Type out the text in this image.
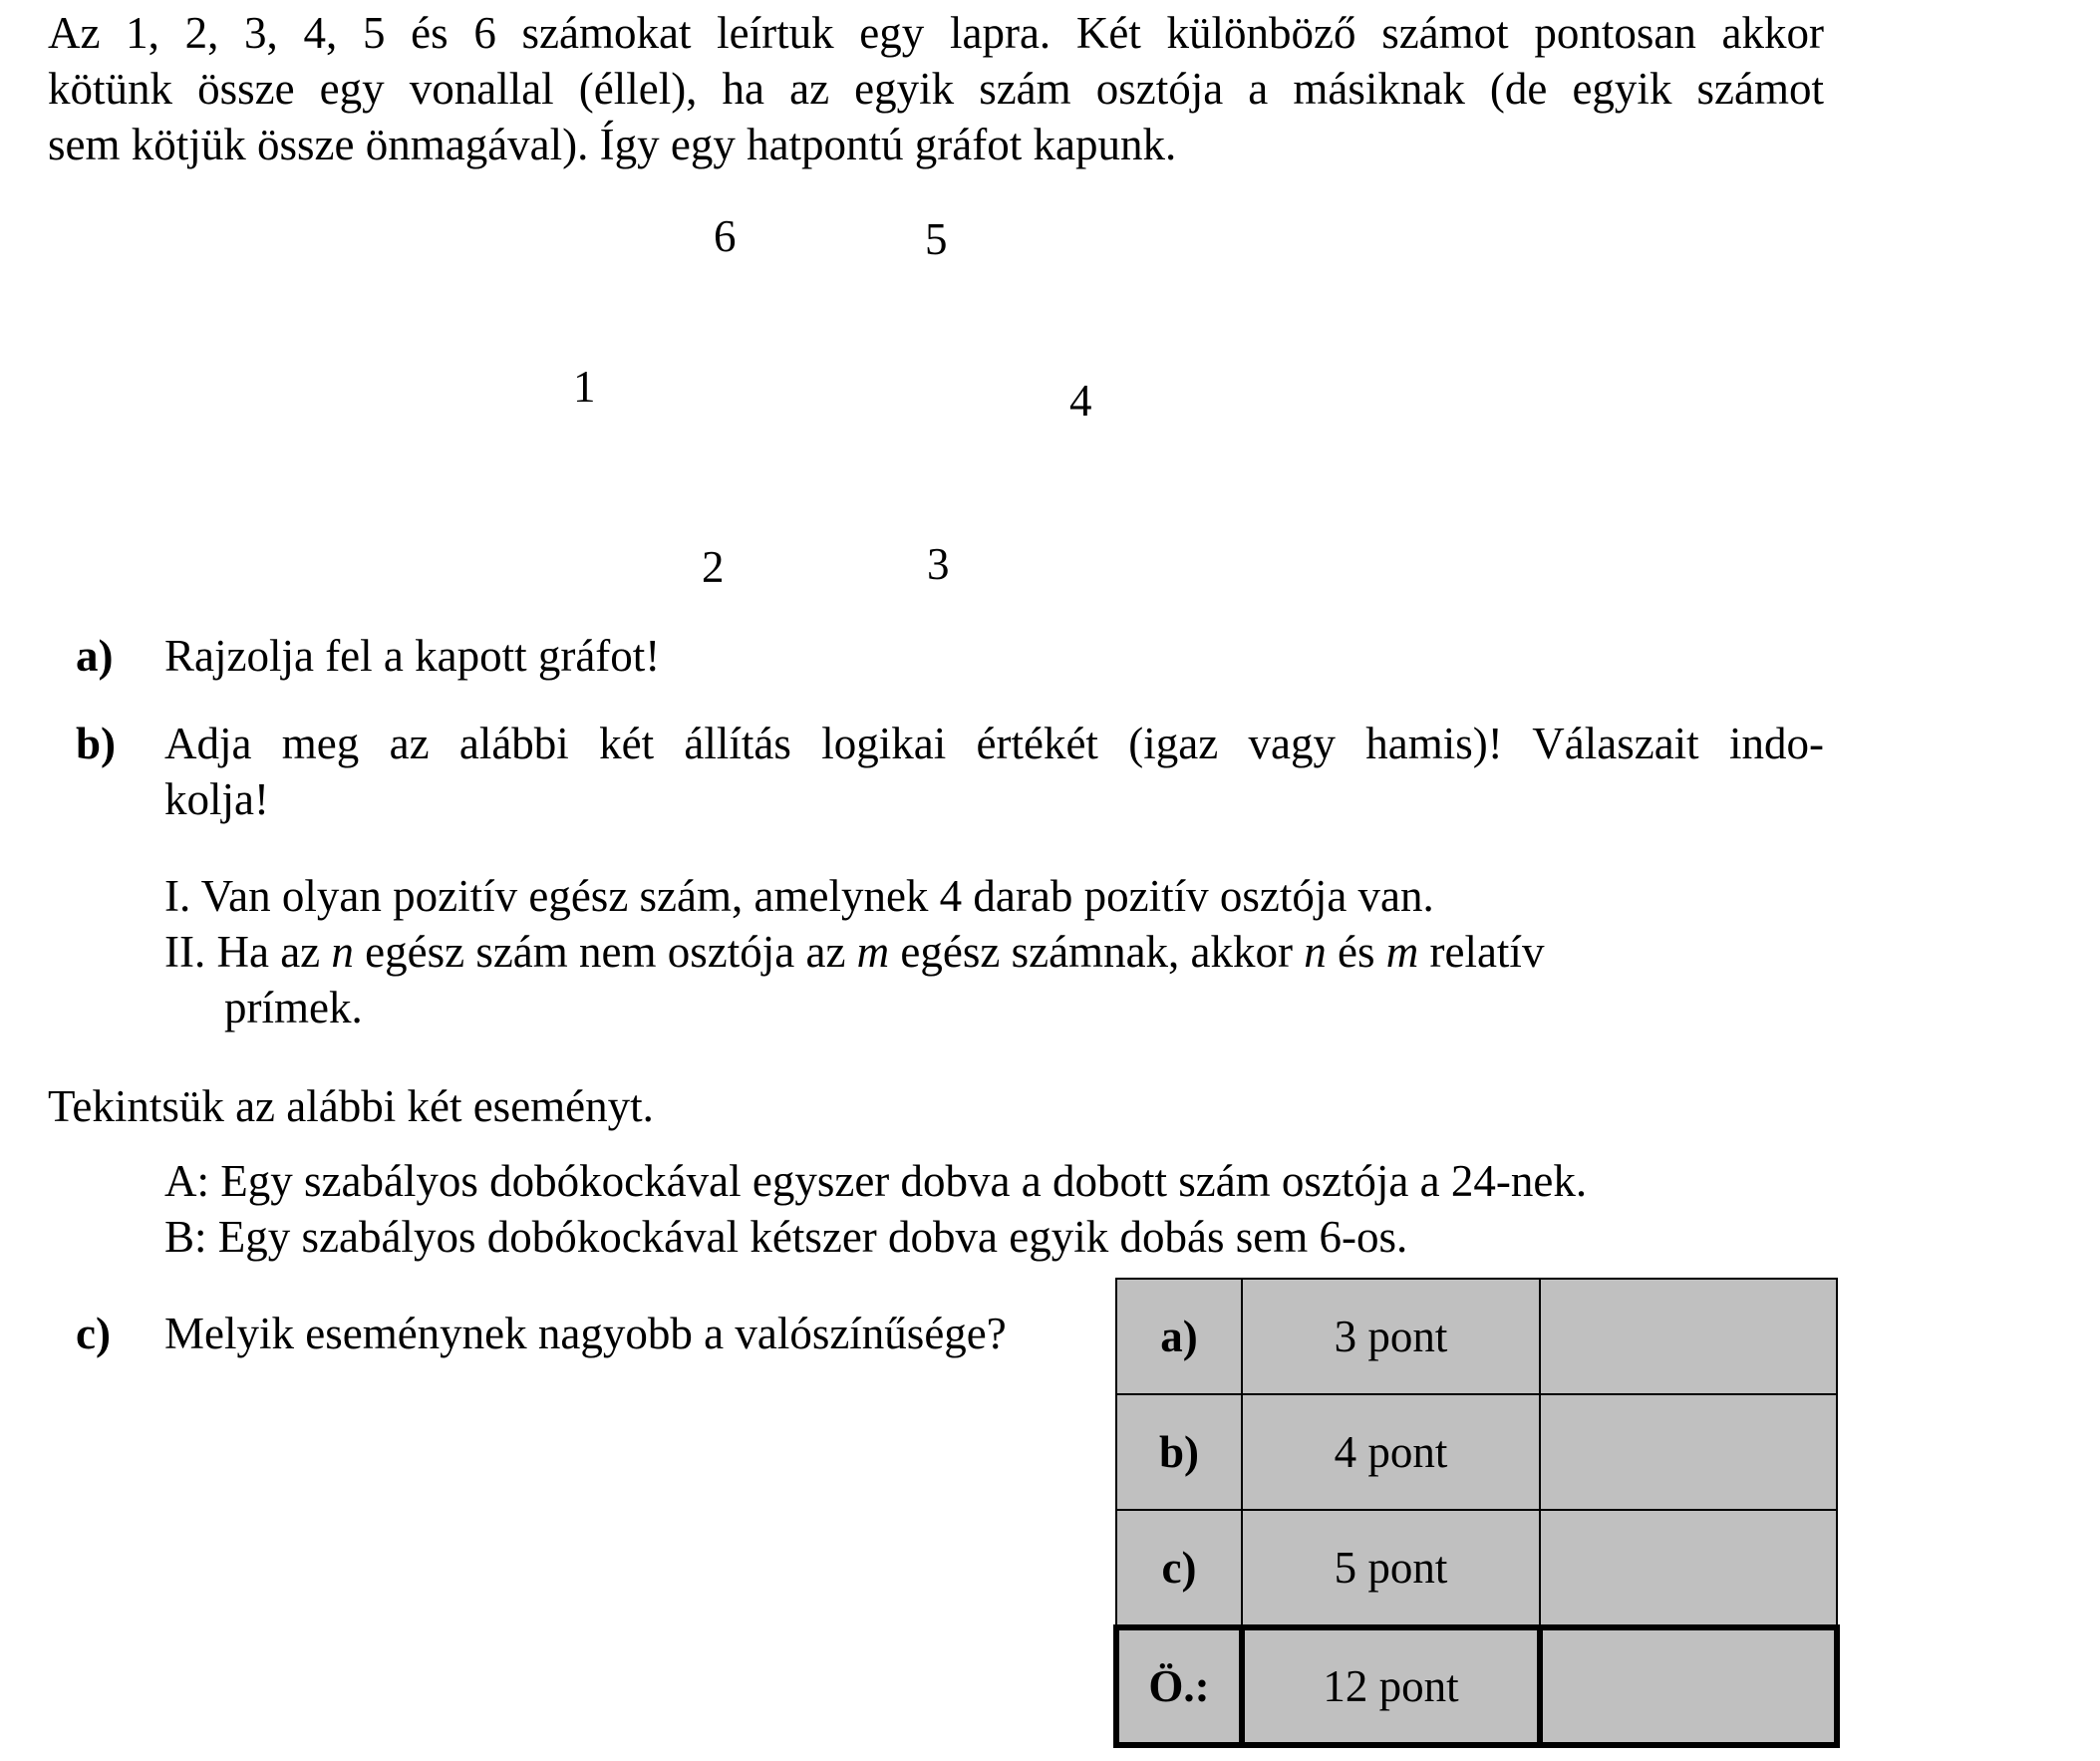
Az 1, 2, 3, 4, 5 és 6 számokat leírtuk egy lapra. Két különböző számot pontosan akkor
kötünk össze egy vonallal (éllel), ha az egyik szám osztója a másiknak (de egyik számot
sem kötjük össze önmagával). Így egy hatpontú gráfot kapunk.
6	5
1	4
2	3
a) Rajzolja fel a kapott gráfot!
b) Adja meg az alábbi két állítás logikai értékét (igaz vagy hamis)! Válaszait indo-
kolja!
I. Van olyan pozitív egész szám, amelynek 4 darab pozitív osztója van.
II. Ha az n egész szám nem osztója az m egész számnak, akkor n és m relatív
prímek.
Tekintsük az alábbi két eseményt.
A: Egy szabályos dobókockával egyszer dobva a dobott szám osztója a 24-nek.
B: Egy szabályos dobókockával kétszer dobva egyik dobás sem 6-os.
c) Melyik eseménynek nagyobb a valószínűsége?	a)	3 pont	
b)	4 pont	
c)	5 pont	
Ö.:	12 pont	
